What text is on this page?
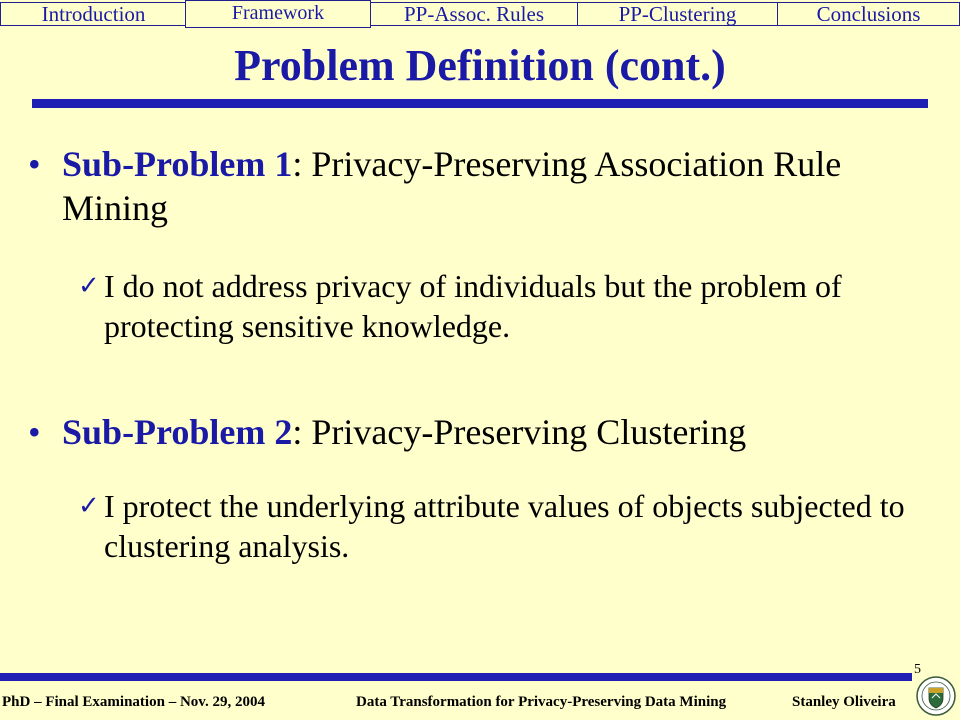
Introduction	PP-Assoc. Rules	PP-Clustering	Conclusions
Framework
Problem Definition (cont.)
• Sub-Problem 1: Privacy-Preserving Association Rule Mining
✓ I do not address privacy of individuals but the problem of protecting sensitive knowledge.
• Sub-Problem 2: Privacy-Preserving Clustering
✓ I protect the underlying attribute values of objects subjected to clustering analysis.
5
PhD – Final Examination – Nov. 29, 2004	Data Transformation for Privacy-Preserving Data Mining	Stanley Oliveira
